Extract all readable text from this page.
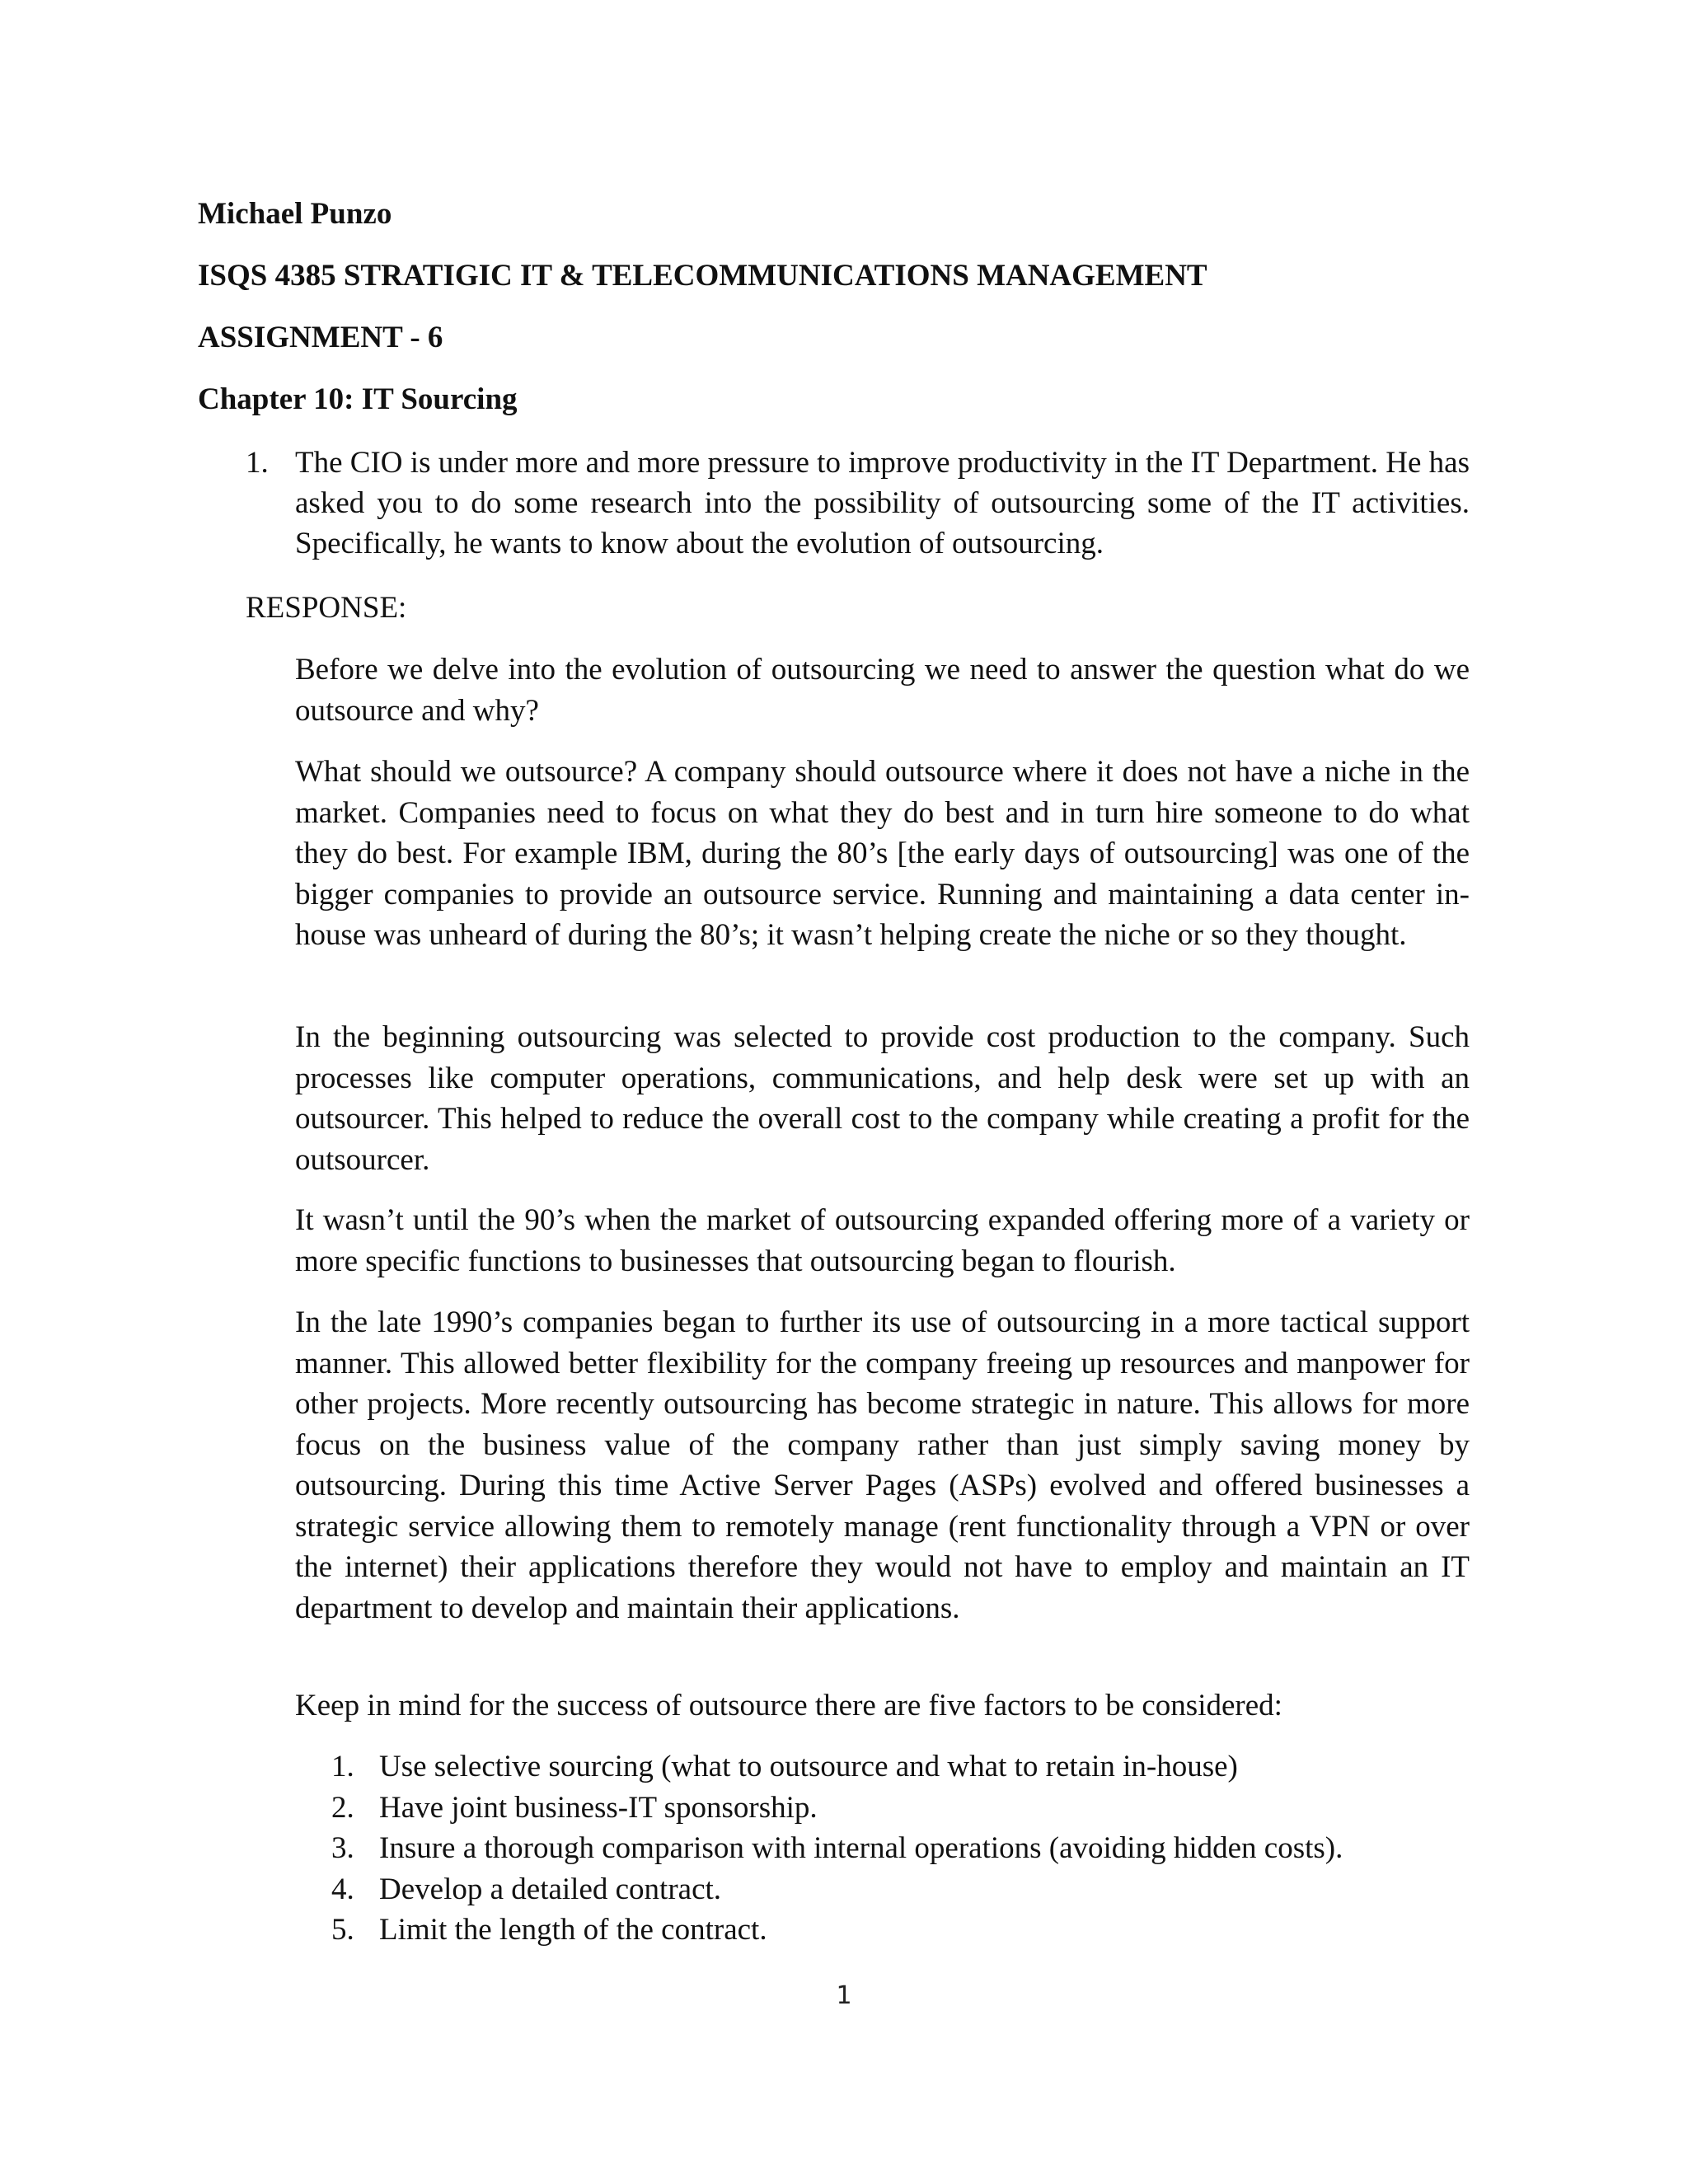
Michael Punzo
ISQS 4385 STRATIGIC IT & TELECOMMUNICATIONS MANAGEMENT
ASSIGNMENT - 6
Chapter 10: IT Sourcing
1. The CIO is under more and more pressure to improve productivity in the IT Department. He has asked you to do some research into the possibility of outsourcing some of the IT activities. Specifically, he wants to know about the evolution of outsourcing.
RESPONSE:

Before we delve into the evolution of outsourcing we need to answer the question what do we outsource and why?

What should we outsource? A company should outsource where it does not have a niche in the market. Companies need to focus on what they do best and in turn hire someone to do what they do best. For example IBM, during the 80’s [the early days of outsourcing] was one of the bigger companies to provide an outsource service. Running and maintaining a data center in-house was unheard of during the 80’s; it wasn’t helping create the niche or so they thought.

In the beginning outsourcing was selected to provide cost production to the company. Such processes like computer operations, communications, and help desk were set up with an outsourcer. This helped to reduce the overall cost to the company while creating a profit for the outsourcer.

It wasn’t until the 90’s when the market of outsourcing expanded offering more of a variety or more specific functions to businesses that outsourcing began to flourish.

In the late 1990’s companies began to further its use of outsourcing in a more tactical support manner. This allowed better flexibility for the company freeing up resources and manpower for other projects. More recently outsourcing has become strategic in nature. This allows for more focus on the business value of the company rather than just simply saving money by outsourcing. During this time Active Server Pages (ASPs) evolved and offered businesses a strategic service allowing them to remotely manage (rent functionality through a VPN or over the internet) their applications therefore they would not have to employ and maintain an IT department to develop and maintain their applications.

Keep in mind for the success of outsource there are five factors to be considered:

1. Use selective sourcing (what to outsource and what to retain in-house)
2. Have joint business-IT sponsorship.
3. Insure a thorough comparison with internal operations (avoiding hidden costs).
4. Develop a detailed contract.
5. Limit the length of the contract.
1
